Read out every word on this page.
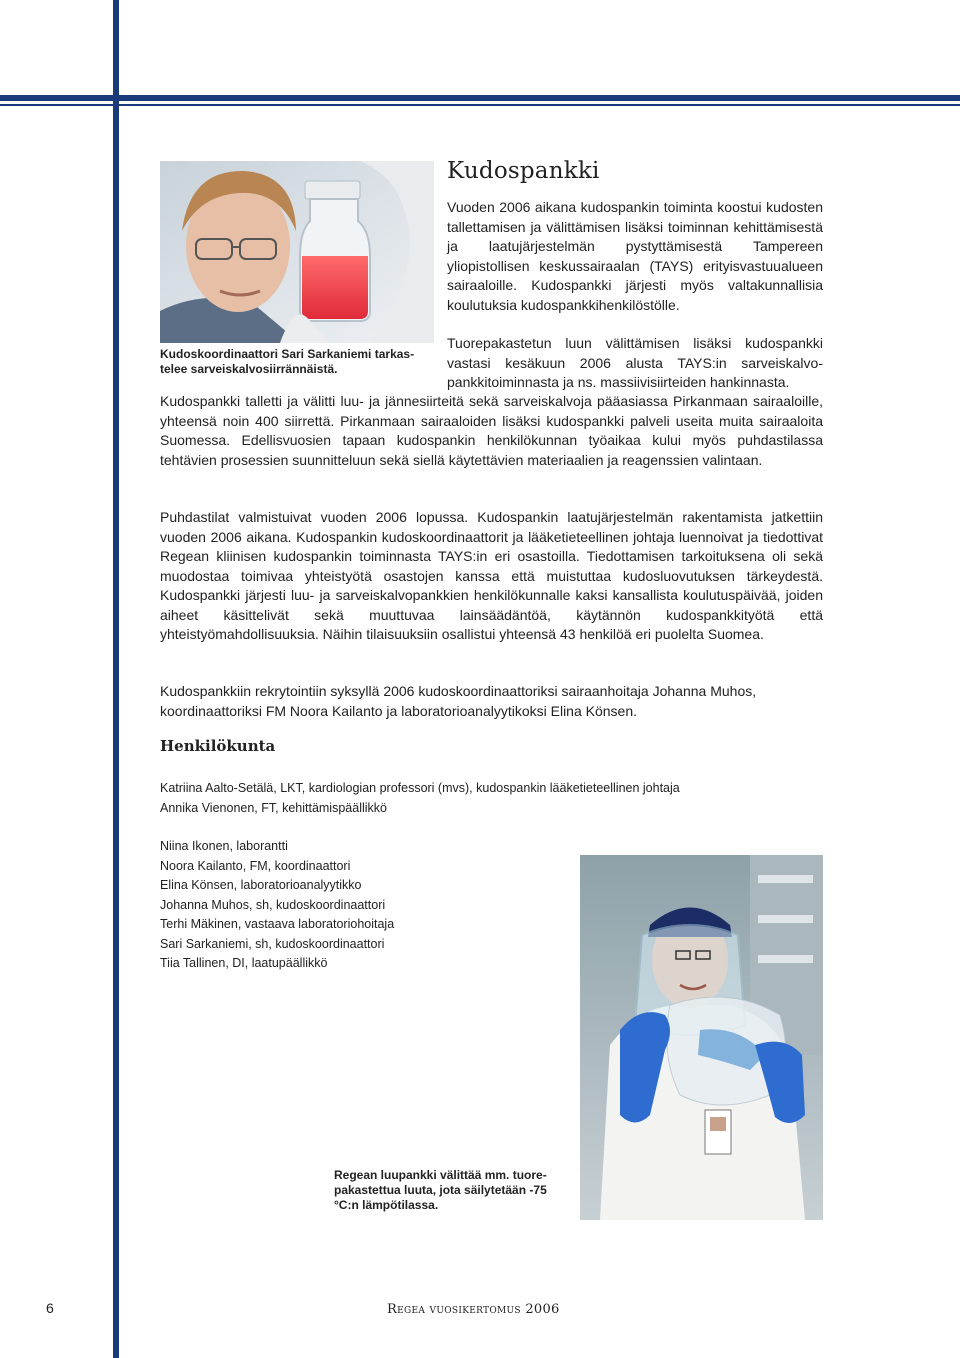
Kudoskoordinaattori Sari Sarkaniemi tarkastelee sarveiskalvosiirrännäistä.
Kudospankki

Vuoden 2006 aikana kudospankin toiminta koostui kudosten tallettamisen ja välittämisen lisäksi toiminnan kehittämisestä ja laatujärjestelmän pystyttämisestä Tampereen yliopistollisen keskussairaalan (TAYS) erityisvastuualueen sairaaloille. Kudospankki järjesti myös valtakunnallisia koulutuksia kudospankkihenkilöstölle.

Tuorepakastetun luun välittämisen lisäksi kudospankki vastasi kesäkuun 2006 alusta TAYS:in sarveiskalvopankkitoiminnasta ja ns. massiivisiirteiden hankinnasta.

Kudospankki talletti ja välitti luu- ja jännesiirteitä sekä sarveiskalvoja pääasiassa Pirkanmaan sairaaloille, yhteensä noin 400 siirrettä. Pirkanmaan sairaaloiden lisäksi kudospankki palveli useita muita sairaaloita Suomessa. Edellisvuosien tapaan kudospankin henkilökunnan työaikaa kului myös puhdastilassa tehtävien prosessien suunnitteluun sekä siellä käytettävien materiaalien ja reagenssien valintaan.

Puhdastilat valmistuivat vuoden 2006 lopussa. Kudospankin laatujärjestelmän rakentamista jatkettiin vuoden 2006 aikana. Kudospankin kudoskoordinaattorit ja lääketieteellinen johtaja luennoivat ja tiedottivat Regean kliinisen kudospankin toiminnasta TAYS:in eri osastoilla. Tiedottamisen tarkoituksena oli sekä muodostaa toimivaa yhteistyötä osastojen kanssa että muistuttaa kudosluovutuksen tärkeydestä. Kudospankki järjesti luu- ja sarveiskalvopankkien henkilökunnalle kaksi kansallista koulutuspäivää, joiden aiheet käsittelivät sekä muuttuvaa lainsäädäntöä, käytännön kudospankkityötä että yhteistyömahdollisuuksia. Näihin tilaisuuksiin osallistui yhteensä 43 henkilöä eri puolelta Suomea.

Kudospankkiin rekrytointiin syksyllä 2006 kudoskoordinaattoriksi sairaanhoitaja Johanna Muhos, koordinaattoriksi FM Noora Kailanto ja laboratorioanalyytikoksi Elina Könsen.

Henkilökunta
Katriina Aalto-Setälä, LKT, kardiologian professori (mvs), kudospankin lääketieteellinen johtaja
Annika Vienonen, FT, kehittämispäällikkö
Niina Ikonen, laborantti
Noora Kailanto, FM, koordinaattori
Elina Könsen, laboratorioanalyytikko
Johanna Muhos, sh, kudoskoordinaattori
Terhi Mäkinen, vastaava laboratoriohoitaja
Sari Sarkaniemi, sh, kudoskoordinaattori
Tiia Tallinen, DI, laatupäällikkö
Regean luupankki välittää mm. tuorepakastettua luuta, jota säilytetään -75 °C:n lämpötilassa.
6	Regea vuosikertomus 2006
